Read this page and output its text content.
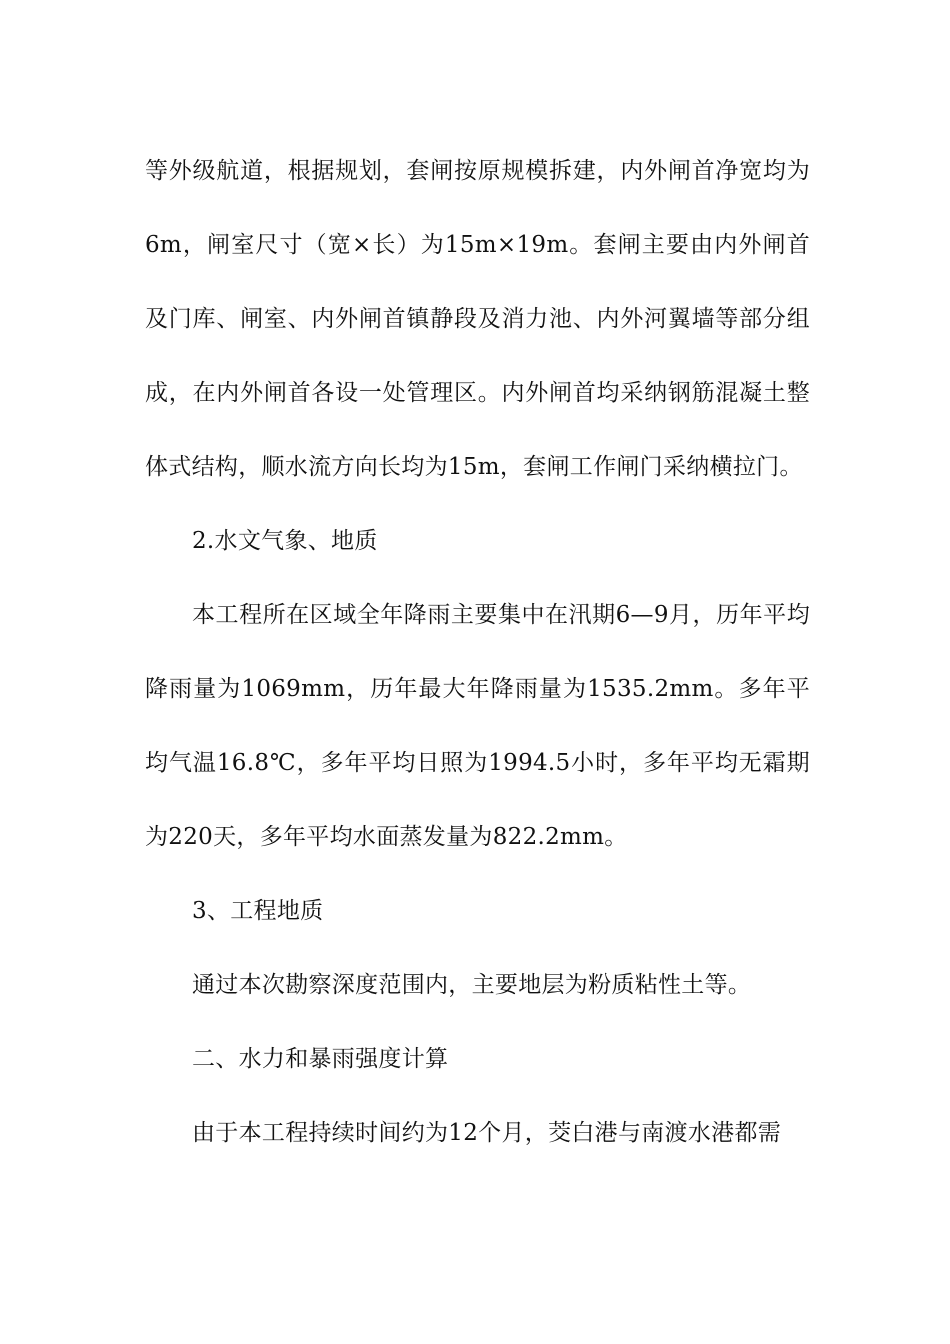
等外级航道，根据规划，套闸按原规模拆建，内外闸首净宽均为6m，闸室尺寸（宽×长）为15m×19m。套闸主要由内外闸首及门库、闸室、内外闸首镇静段及消力池、内外河翼墙等部分组成，在内外闸首各设一处管理区。内外闸首均采纳钢筋混凝土整体式结构，顺水流方向长均为15m，套闸工作闸门采纳横拉门。

2.水文气象、地质

本工程所在区域全年降雨主要集中在汛期6—9月，历年平均降雨量为1069mm，历年最大年降雨量为1535.2mm。多年平均气温16.8℃，多年平均日照为1994.5小时，多年平均无霜期为220天，多年平均水面蒸发量为822.2mm。

3、工程地质

通过本次勘察深度范围内，主要地层为粉质粘性土等。

二、水力和暴雨强度计算

由于本工程持续时间约为12个月，茭白港与南渡水港都需
